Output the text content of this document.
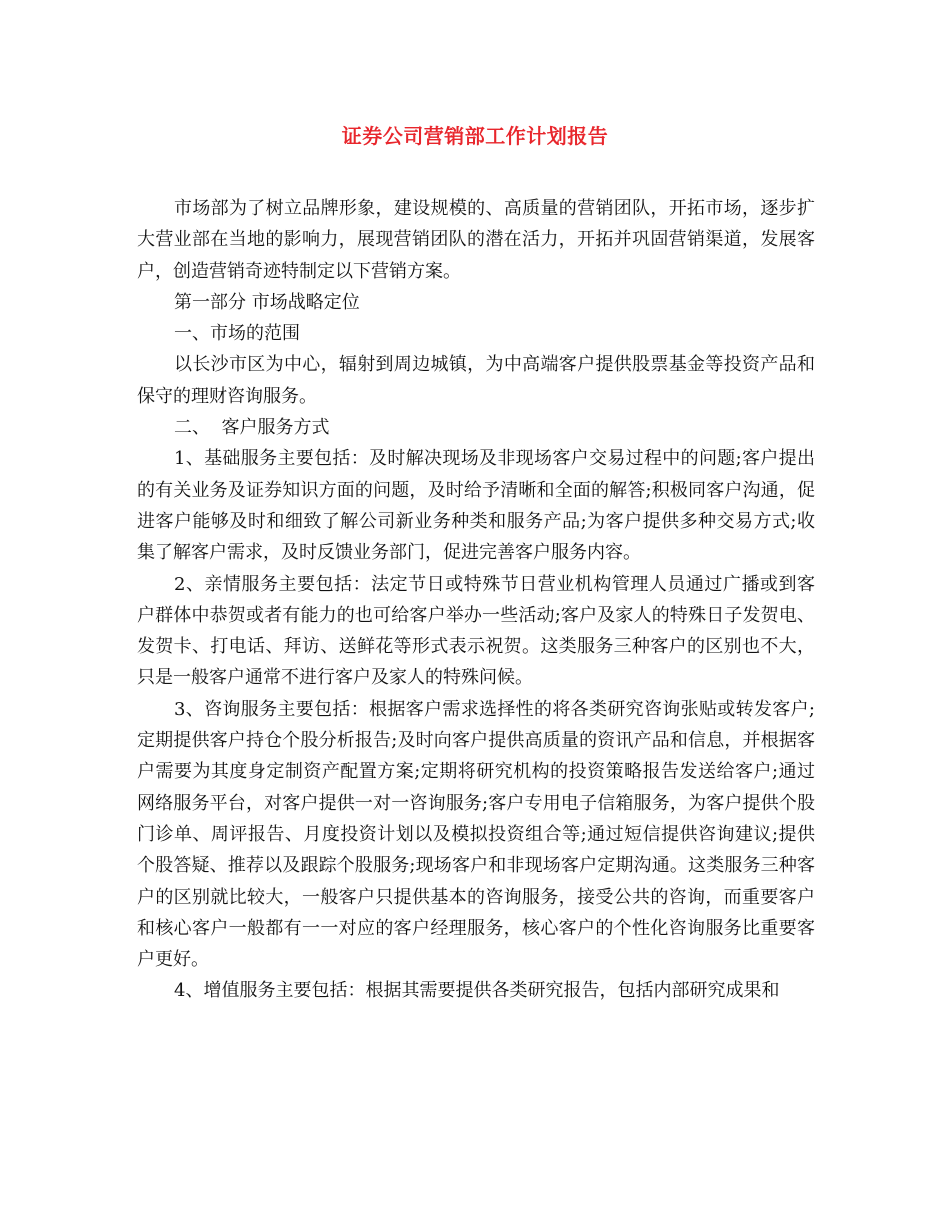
证券公司营销部工作计划报告

市场部为了树立品牌形象，建设规模的、高质量的营销团队，开拓市场，逐步扩大营业部在当地的影响力，展现营销团队的潜在活力，开拓并巩固营销渠道，发展客户，创造营销奇迹特制定以下营销方案。

第一部分 市场战略定位

一、市场的范围

以长沙市区为中心，辐射到周边城镇，为中高端客户提供股票基金等投资产品和保守的理财咨询服务。

二、  客户服务方式

1、基础服务主要包括：及时解决现场及非现场客户交易过程中的问题;客户提出的有关业务及证券知识方面的问题，及时给予清晰和全面的解答;积极同客户沟通，促进客户能够及时和细致了解公司新业务种类和服务产品;为客户提供多种交易方式;收集了解客户需求，及时反馈业务部门，促进完善客户服务内容。

2、亲情服务主要包括：法定节日或特殊节日营业机构管理人员通过广播或到客户群体中恭贺或者有能力的也可给客户举办一些活动;客户及家人的特殊日子发贺电、发贺卡、打电话、拜访、送鲜花等形式表示祝贺。这类服务三种客户的区别也不大，只是一般客户通常不进行客户及家人的特殊问候。

3、咨询服务主要包括：根据客户需求选择性的将各类研究咨询张贴或转发客户;定期提供客户持仓个股分析报告;及时向客户提供高质量的资讯产品和信息，并根据客户需要为其度身定制资产配置方案;定期将研究机构的投资策略报告发送给客户;通过网络服务平台，对客户提供一对一咨询服务;客户专用电子信箱服务，为客户提供个股门诊单、周评报告、月度投资计划以及模拟投资组合等;通过短信提供咨询建议;提供个股答疑、推荐以及跟踪个股服务;现场客户和非现场客户定期沟通。这类服务三种客户的区别就比较大，一般客户只提供基本的咨询服务，接受公共的咨询，而重要客户和核心客户一般都有一一对应的客户经理服务，核心客户的个性化咨询服务比重要客户更好。

4、增值服务主要包括：根据其需要提供各类研究报告，包括内部研究成果和
